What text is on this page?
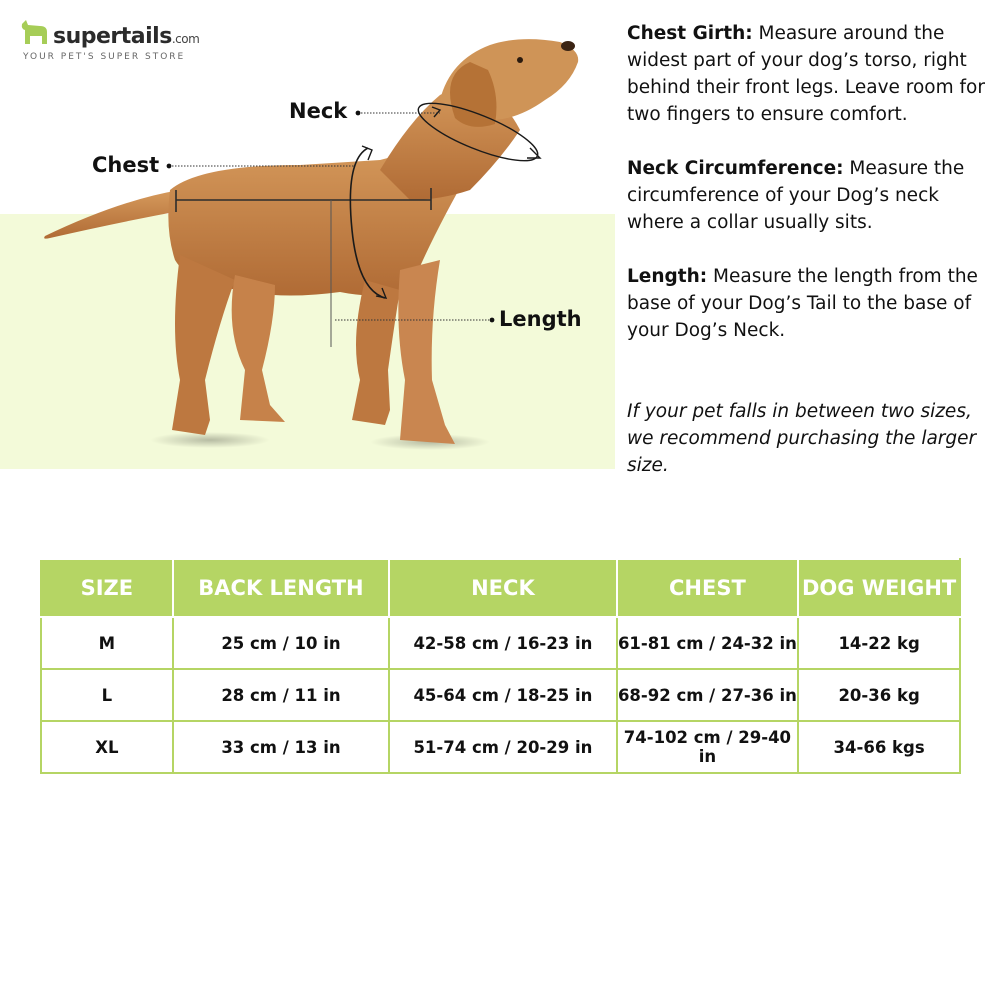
supertails.com
YOUR PET'S SUPER STORE
Neck
Chest
Length

Chest Girth: Measure around the widest part of your dog’s torso, right behind their front legs. Leave room for two fingers to ensure comfort.

Neck Circumference: Measure the circumference of your Dog’s neck where a collar usually sits.

Length: Measure the length from the base of your Dog’s Tail to the base of your Dog’s Neck.

If your pet falls in between two sizes, we recommend purchasing the larger size.

SIZE	BACK LENGTH	NECK	CHEST	DOG WEIGHT
M	25 cm / 10 in	42-58 cm / 16-23 in	61-81 cm / 24-32 in	14-22 kg
L	28 cm / 11 in	45-64 cm / 18-25 in	68-92 cm / 27-36 in	20-36 kg
XL	33 cm / 13 in	51-74 cm / 20-29 in	74-102 cm / 29-40 in	34-66 kgs
